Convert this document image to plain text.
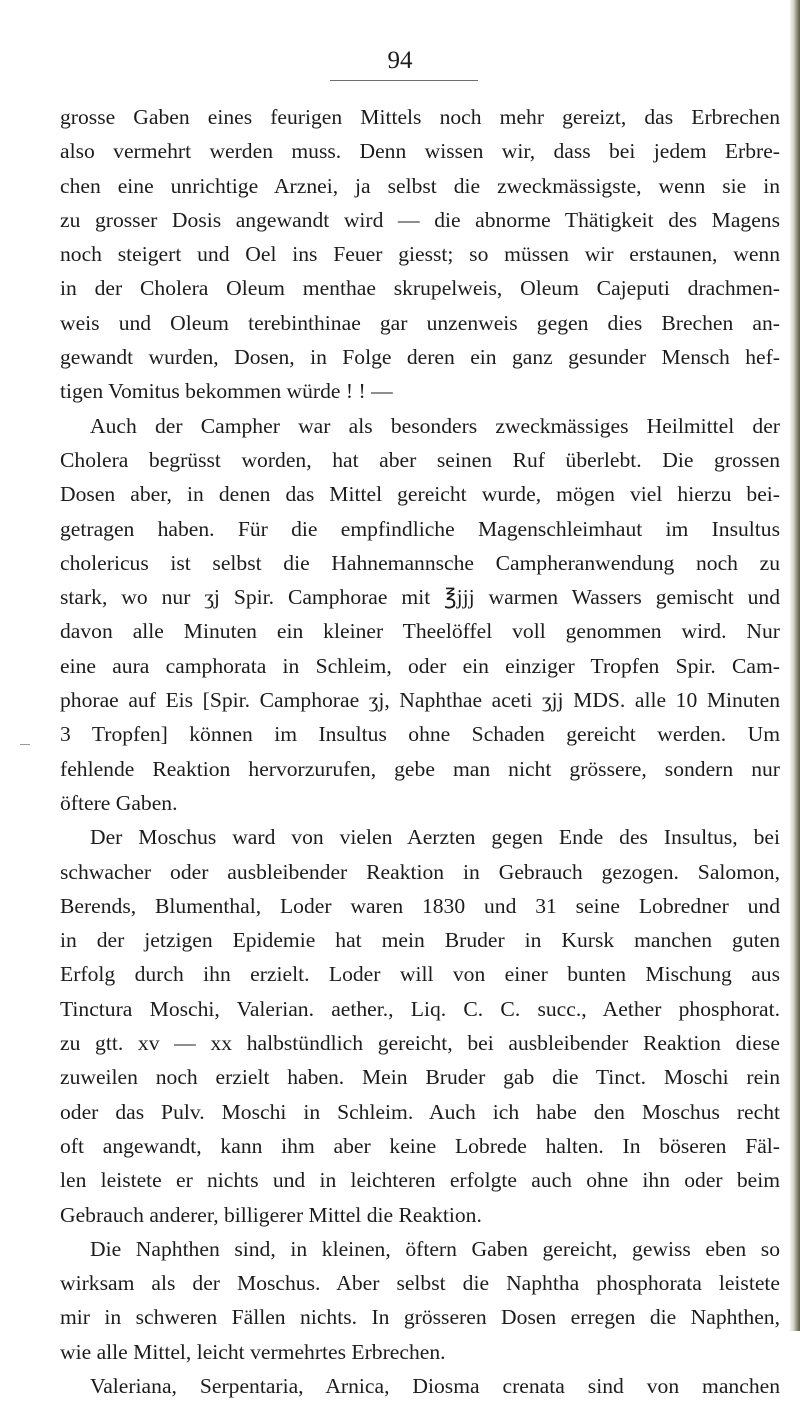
94
grosse Gaben eines feurigen Mittels noch mehr gereizt, das Erbrechen
also vermehrt werden muss. Denn wissen wir, dass bei jedem Erbre-
chen eine unrichtige Arznei, ja selbst die zweckmässigste, wenn sie in
zu grosser Dosis angewandt wird — die abnorme Thätigkeit des Magens
noch steigert und Oel ins Feuer giesst; so müssen wir erstaunen, wenn
in der Cholera Oleum menthae skrupelweis, Oleum Cajeputi drachmen-
weis und Oleum terebinthinae gar unzenweis gegen dies Brechen an-
gewandt wurden, Dosen, in Folge deren ein ganz gesunder Mensch hef-
tigen Vomitus bekommen würde ! ! —
Auch der Campher war als besonders zweckmässiges Heilmittel der
Cholera begrüsst worden, hat aber seinen Ruf überlebt. Die grossen
Dosen aber, in denen das Mittel gereicht wurde, mögen viel hierzu bei-
getragen haben. Für die empfindliche Magenschleimhaut im Insultus
cholericus ist selbst die Hahnemannsche Campheranwendung noch zu
stark, wo nur ʒj Spir. Camphorae mit ℥jjj warmen Wassers gemischt und
davon alle Minuten ein kleiner Theelöffel voll genommen wird. Nur
eine aura camphorata in Schleim, oder ein einziger Tropfen Spir. Cam-
phorae auf Eis [Spir. Camphorae ʒj, Naphthae aceti ʒjj MDS. alle 10 Minuten
3 Tropfen] können im Insultus ohne Schaden gereicht werden. Um
fehlende Reaktion hervorzurufen, gebe man nicht grössere, sondern nur
öftere Gaben.
Der Moschus ward von vielen Aerzten gegen Ende des Insultus, bei
schwacher oder ausbleibender Reaktion in Gebrauch gezogen. Salomon,
Berends, Blumenthal, Loder waren 1830 und 31 seine Lobredner und
in der jetzigen Epidemie hat mein Bruder in Kursk manchen guten
Erfolg durch ihn erzielt. Loder will von einer bunten Mischung aus
Tinctura Moschi, Valerian. aether., Liq. C. C. succ., Aether phosphorat.
zu gtt. xv — xx halbstündlich gereicht, bei ausbleibender Reaktion diese
zuweilen noch erzielt haben. Mein Bruder gab die Tinct. Moschi rein
oder das Pulv. Moschi in Schleim. Auch ich habe den Moschus recht
oft angewandt, kann ihm aber keine Lobrede halten. In böseren Fäl-
len leistete er nichts und in leichteren erfolgte auch ohne ihn oder beim
Gebrauch anderer, billigerer Mittel die Reaktion.
Die Naphthen sind, in kleinen, öftern Gaben gereicht, gewiss eben so
wirksam als der Moschus. Aber selbst die Naphtha phosphorata leistete
mir in schweren Fällen nichts. In grösseren Dosen erregen die Naphthen,
wie alle Mittel, leicht vermehrtes Erbrechen.
Valeriana, Serpentaria, Arnica, Diosma crenata sind von manchen
